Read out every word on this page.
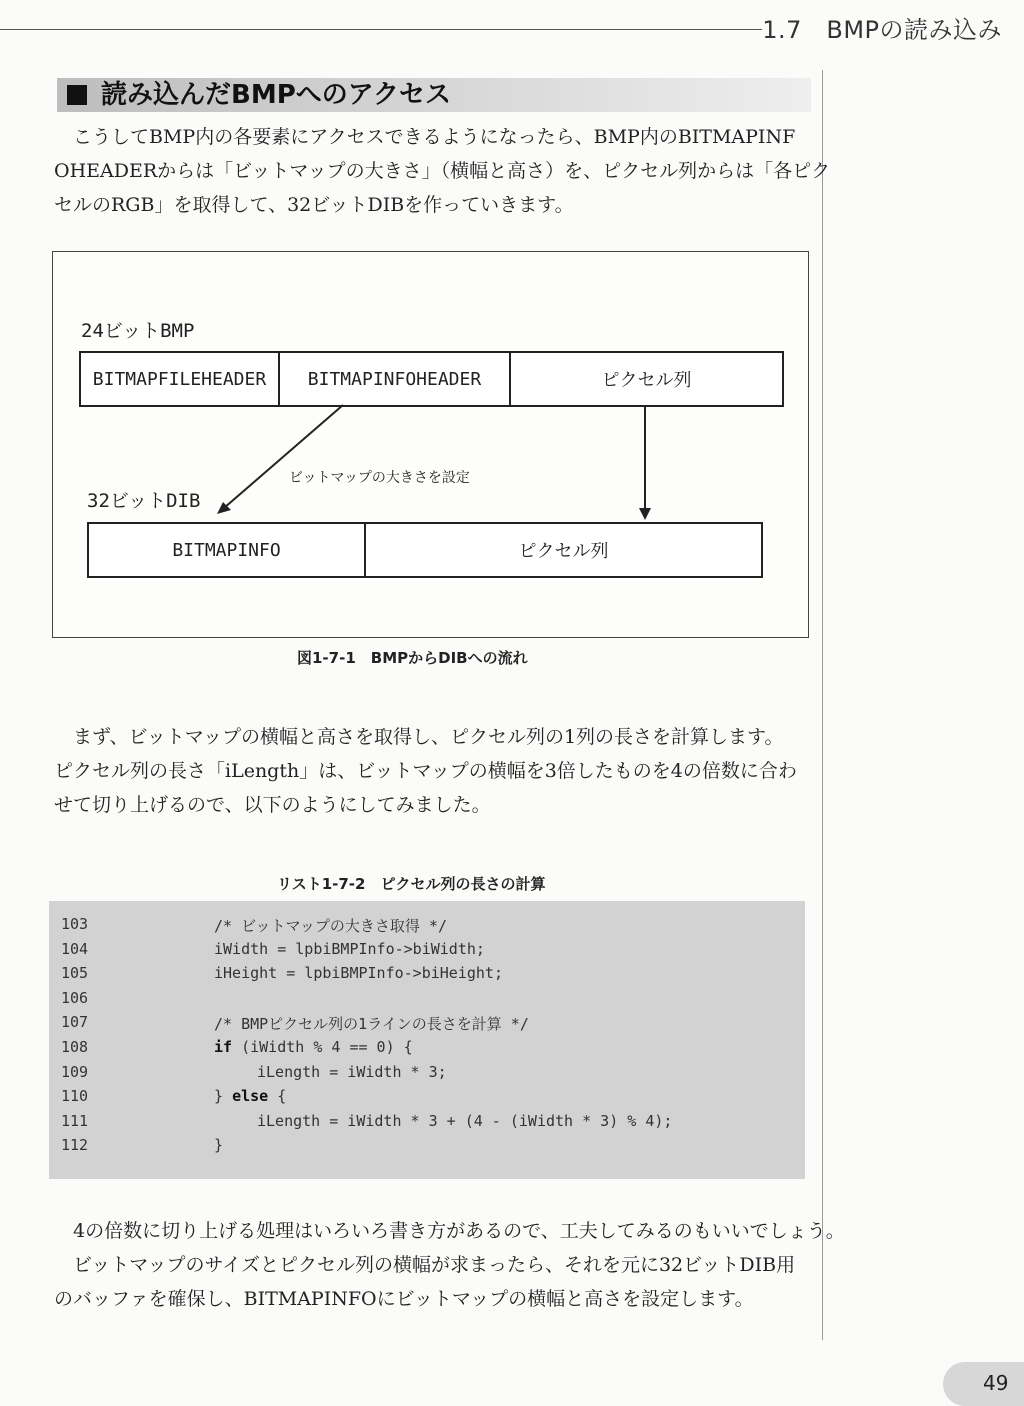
1.7　BMPの読み込み
読み込んだBMPへのアクセス
　こうしてBMP内の各要素にアクセスできるようになったら、BMP内のBITMAPINF
OHEADERからは「ビットマップの大きさ」（横幅と高さ）を、ピクセル列からは「各ピク
セルのRGB」を取得して、32ビットDIBを作っていきます。
24ビットBMP
BITMAPFILEHEADER	BITMAPINFOHEADER	ピクセル列
ビットマップの大きさを設定
32ビットDIB
BITMAPINFO	ピクセル列
図1-7-1　BMPからDIBへの流れ
　まず、ビットマップの横幅と高さを取得し、ピクセル列の1列の長さを計算します。
ピクセル列の長さ「iLength」は、ビットマップの横幅を3倍したものを4の倍数に合わ
せて切り上げるので、以下のようにしてみました。
リスト1-7-2　ピクセル列の長さの計算
103	/* ビットマップの大きさ取得 */
104	iWidth = lpbiBMPInfo->biWidth;
105	iHeight = lpbiBMPInfo->biHeight;
106
107	/* BMPピクセル列の1ラインの長さを計算 */
108	if (iWidth % 4 == 0) {
109	iLength = iWidth * 3;
110	} else {
111	iLength = iWidth * 3 + (4 - (iWidth * 3) % 4);
112	}
　4の倍数に切り上げる処理はいろいろ書き方があるので、工夫してみるのもいいでしょう。
　ビットマップのサイズとピクセル列の横幅が求まったら、それを元に32ビットDIB用
のバッファを確保し、BITMAPINFOにビットマップの横幅と高さを設定します。
49
